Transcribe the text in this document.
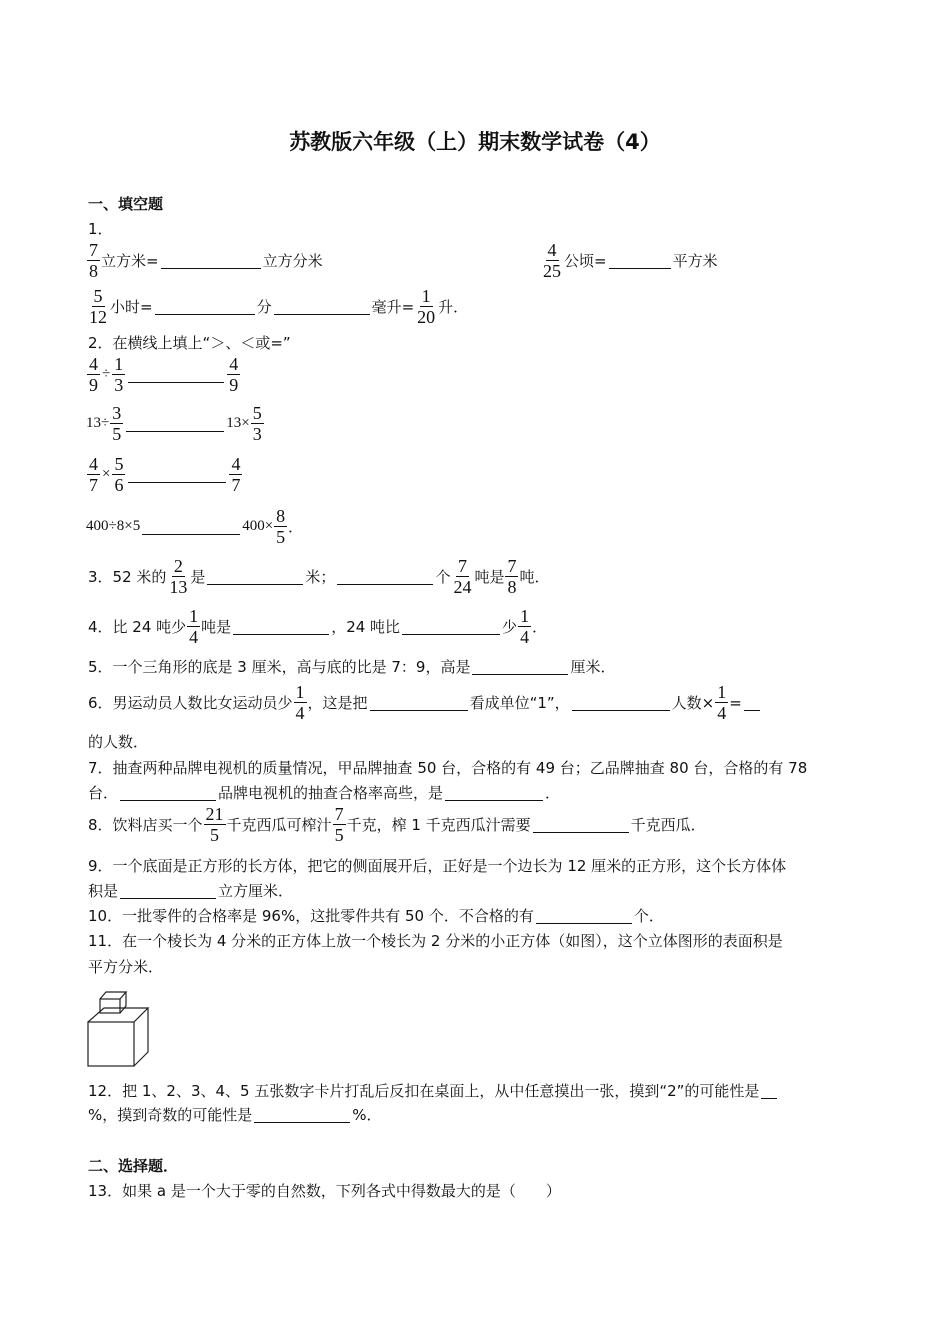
苏教版六年级（上）期末数学试卷（4）
一、填空题
1．
$\frac{7}{8}$ 立方米=	立方分米	$\frac{4}{25}$ 公顷=	平方米
$\frac{5}{12}$ 小时=	分	毫升= $\frac{1}{20}$ 升．
2．在横线上填上“＞、＜或=”
$\frac{4}{9} \div \frac{1}{3}$	$\frac{4}{9}$
$13\div \frac{3}{5}$	$13\times \frac{5}{3}$
$\frac{4}{7} \times \frac{5}{6}$	$\frac{4}{7}$
400÷8×5	$400\times \frac{8}{5}$ ．
3．52 米的 $\frac{2}{13}$ 是	米；	个 $\frac{7}{24}$ 吨是 $\frac{7}{8}$ 吨．
4．比 24 吨少 $\frac{1}{4}$ 吨是	，24 吨比	少 $\frac{1}{4}$ ．
5．一个三角形的底是 3 厘米，高与底的比是 7：9，高是	厘米．
6．男运动员人数比女运动员少 $\frac{1}{4}$ ，这是把	看成单位“1”，	人数× $\frac{1}{4}$ =
的人数．
7．抽查两种品牌电视机的质量情况，甲品牌抽查 50 台，合格的有 49 台；乙品牌抽查 80 台，合格的有 78
台．	品牌电视机的抽查合格率高些，是	．
8．饮料店买一个 $\frac{21}{5}$ 千克西瓜可榨汁 $\frac{7}{5}$ 千克，榨 1 千克西瓜汁需要	千克西瓜．
9．一个底面是正方形的长方体，把它的侧面展开后，正好是一个边长为 12 厘米的正方形，这个长方体体
积是	立方厘米．
10．一批零件的合格率是 96%，这批零件共有 50 个．不合格的有	个．
11．在一个棱长为 4 分米的正方体上放一个棱长为 2 分米的小正方体（如图），这个立体图形的表面积是
平方分米．
12．把 1、2、3、4、5 五张数字卡片打乱后反扣在桌面上，从中任意摸出一张，摸到“2”的可能性是
%，摸到奇数的可能性是	%．
二、选择题．
13．如果 a 是一个大于零的自然数，下列各式中得数最大的是（　　）
